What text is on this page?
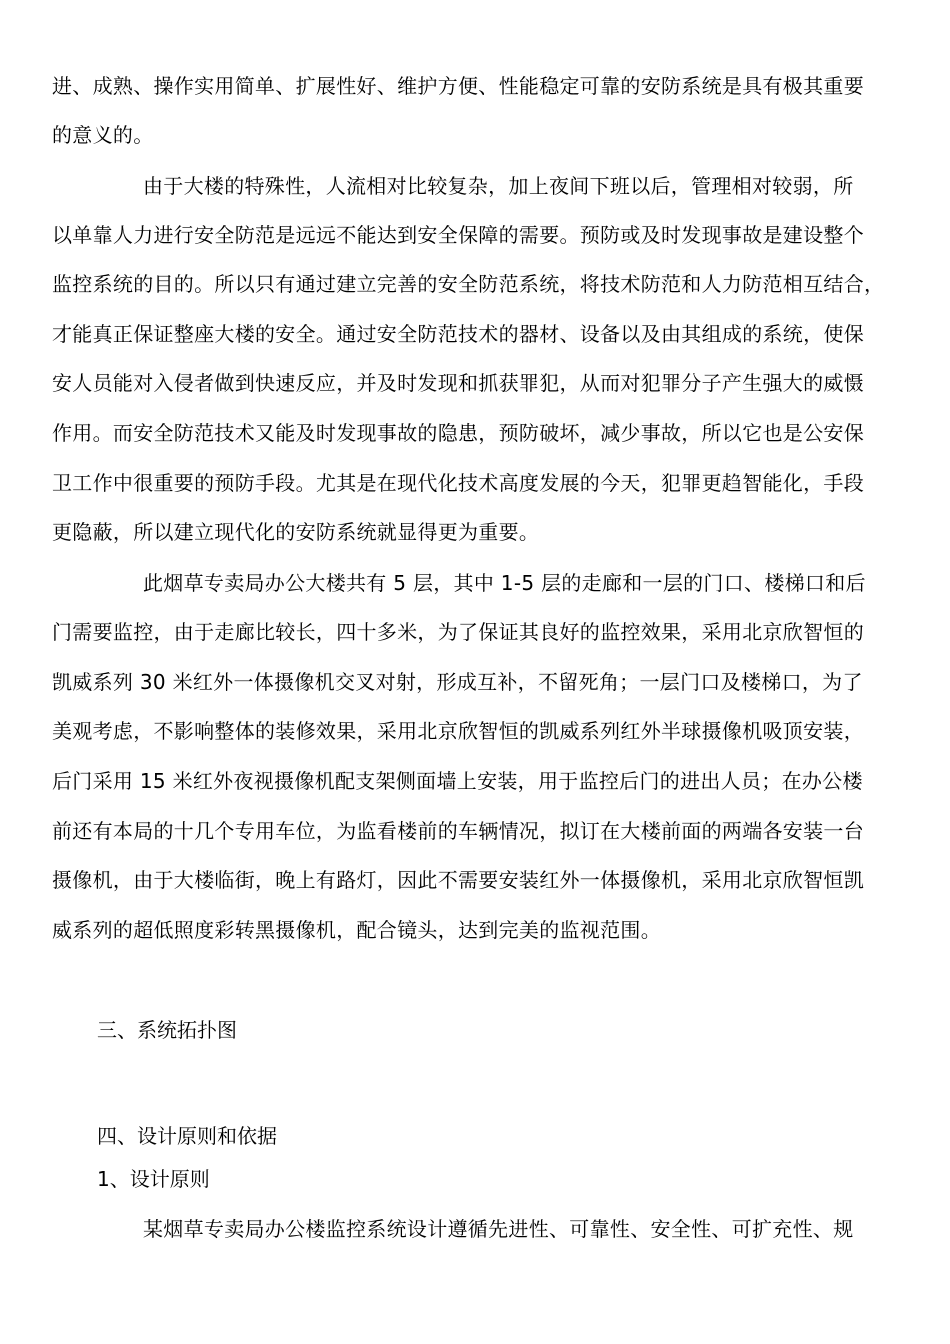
进、成熟、操作实用简单、扩展性好、维护方便、性能稳定可靠的安防系统是具有极其重要
的意义的。
由于大楼的特殊性，人流相对比较复杂，加上夜间下班以后，管理相对较弱，所
以单靠人力进行安全防范是远远不能达到安全保障的需要。预防或及时发现事故是建设整个
监控系统的目的。所以只有通过建立完善的安全防范系统，将技术防范和人力防范相互结合，
才能真正保证整座大楼的安全。通过安全防范技术的器材、设备以及由其组成的系统，使保
安人员能对入侵者做到快速反应，并及时发现和抓获罪犯，从而对犯罪分子产生强大的威慑
作用。而安全防范技术又能及时发现事故的隐患，预防破坏，减少事故，所以它也是公安保
卫工作中很重要的预防手段。尤其是在现代化技术高度发展的今天，犯罪更趋智能化，手段
更隐蔽，所以建立现代化的安防系统就显得更为重要。
此烟草专卖局办公大楼共有 5 层，其中 1-5 层的走廊和一层的门口、楼梯口和后
门需要监控，由于走廊比较长，四十多米，为了保证其良好的监控效果，采用北京欣智恒的
凯威系列 30 米红外一体摄像机交叉对射，形成互补，不留死角；一层门口及楼梯口，为了
美观考虑，不影响整体的装修效果，采用北京欣智恒的凯威系列红外半球摄像机吸顶安装，
后门采用 15 米红外夜视摄像机配支架侧面墙上安装，用于监控后门的进出人员；在办公楼
前还有本局的十几个专用车位，为监看楼前的车辆情况，拟订在大楼前面的两端各安装一台
摄像机，由于大楼临街，晚上有路灯，因此不需要安装红外一体摄像机，采用北京欣智恒凯
威系列的超低照度彩转黑摄像机，配合镜头，达到完美的监视范围。
三、系统拓扑图
四、设计原则和依据
1、设计原则
某烟草专卖局办公楼监控系统设计遵循先进性、可靠性、安全性、可扩充性、规
